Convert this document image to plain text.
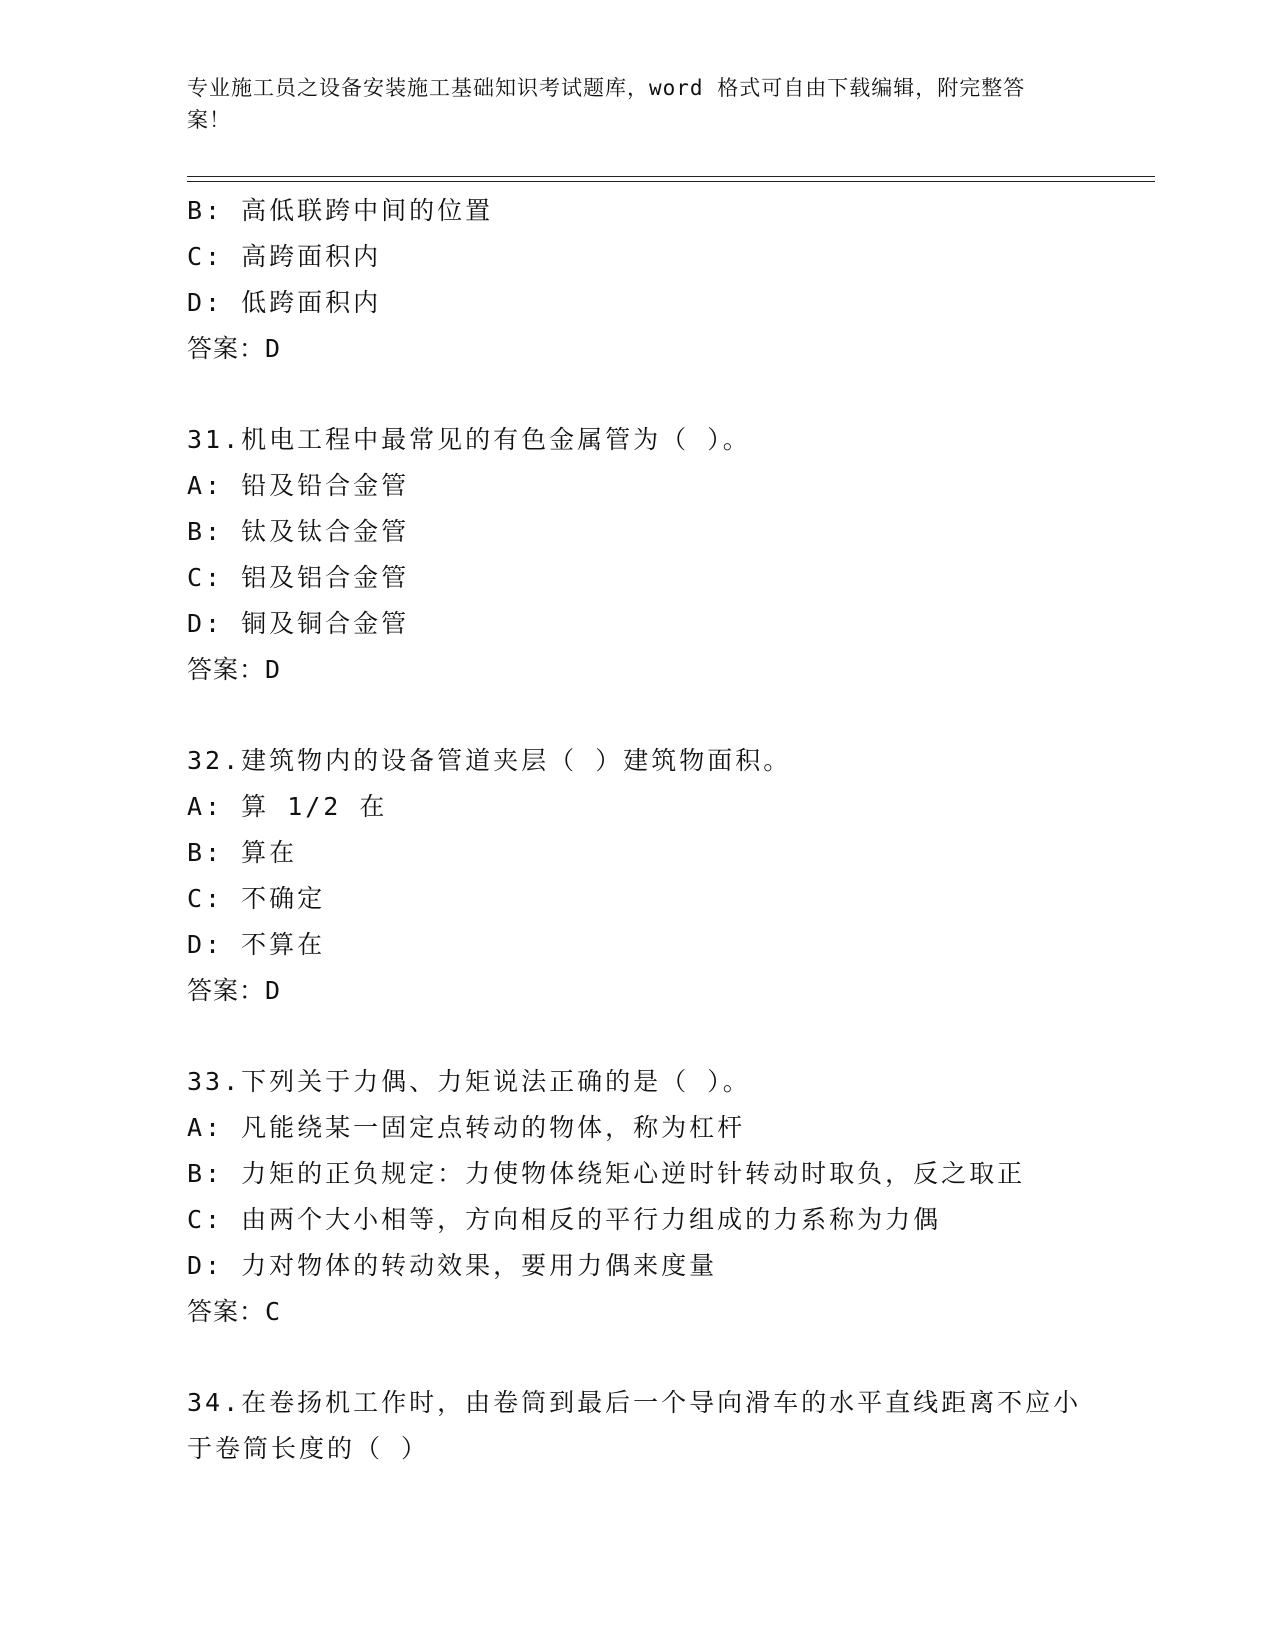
专业施工员之设备安装施工基础知识考试题库，word 格式可自由下载编辑，附完整答案！
B: 高低联跨中间的位置
C: 高跨面积内
D: 低跨面积内
答案：D
31.机电工程中最常见的有色金属管为（ ）。
A: 铅及铅合金管
B: 钛及钛合金管
C: 铝及铝合金管
D: 铜及铜合金管
答案：D
32.建筑物内的设备管道夹层（ ）建筑物面积。
A: 算 1/2 在
B: 算在
C: 不确定
D: 不算在
答案：D
33.下列关于力偶、力矩说法正确的是（ ）。
A: 凡能绕某一固定点转动的物体，称为杠杆
B: 力矩的正负规定：力使物体绕矩心逆时针转动时取负，反之取正
C: 由两个大小相等，方向相反的平行力组成的力系称为力偶
D: 力对物体的转动效果，要用力偶来度量
答案：C
34.在卷扬机工作时，由卷筒到最后一个导向滑车的水平直线距离不应小于卷筒长度的（ ）
